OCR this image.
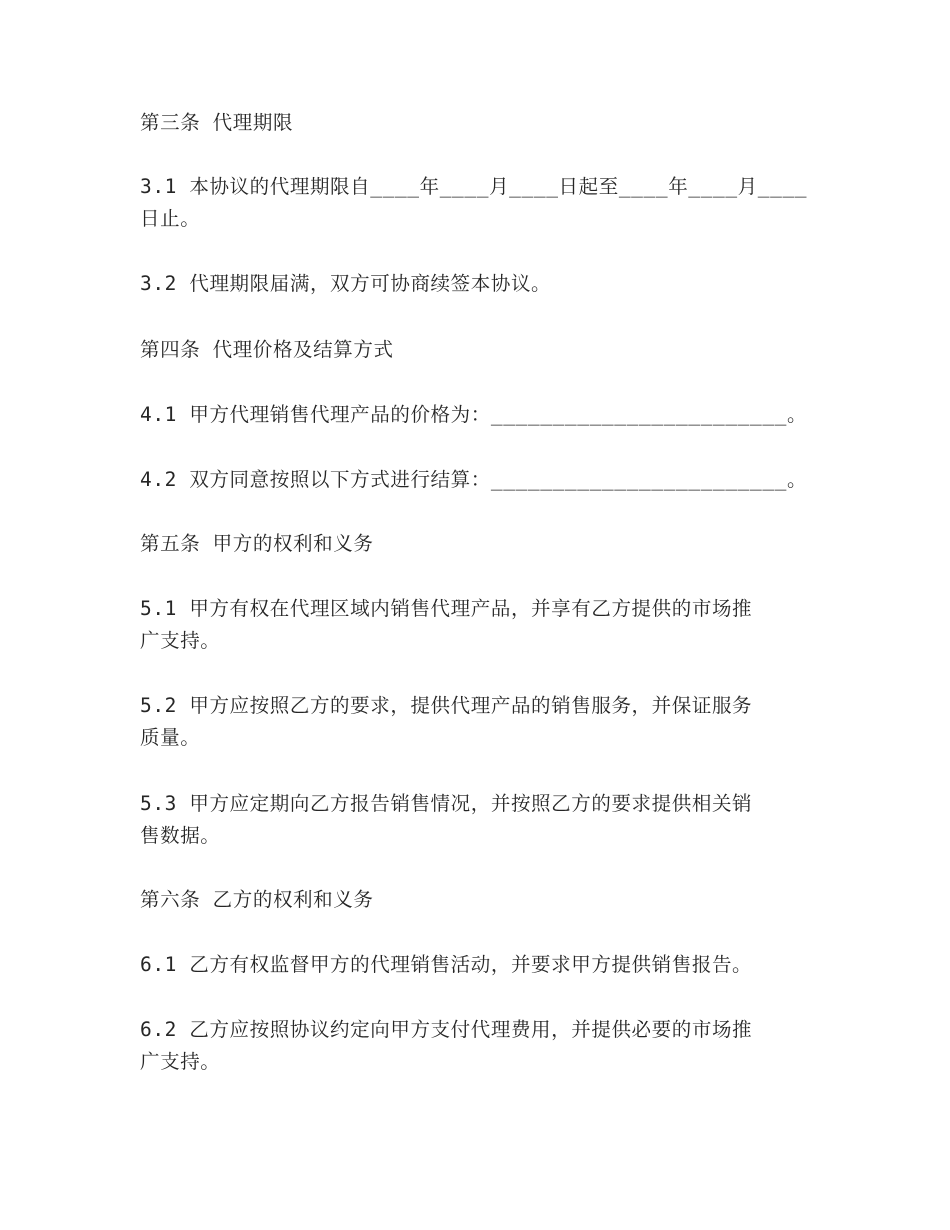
第三条 代理期限

3.1 本协议的代理期限自____年____月____日起至____年____月____
日止。

3.2 代理期限届满，双方可协商续签本协议。

第四条 代理价格及结算方式

4.1 甲方代理销售代理产品的价格为：________________________。

4.2 双方同意按照以下方式进行结算：________________________。

第五条 甲方的权利和义务

5.1 甲方有权在代理区域内销售代理产品，并享有乙方提供的市场推
广支持。

5.2 甲方应按照乙方的要求，提供代理产品的销售服务，并保证服务
质量。

5.3 甲方应定期向乙方报告销售情况，并按照乙方的要求提供相关销
售数据。

第六条 乙方的权利和义务

6.1 乙方有权监督甲方的代理销售活动，并要求甲方提供销售报告。

6.2 乙方应按照协议约定向甲方支付代理费用，并提供必要的市场推
广支持。
